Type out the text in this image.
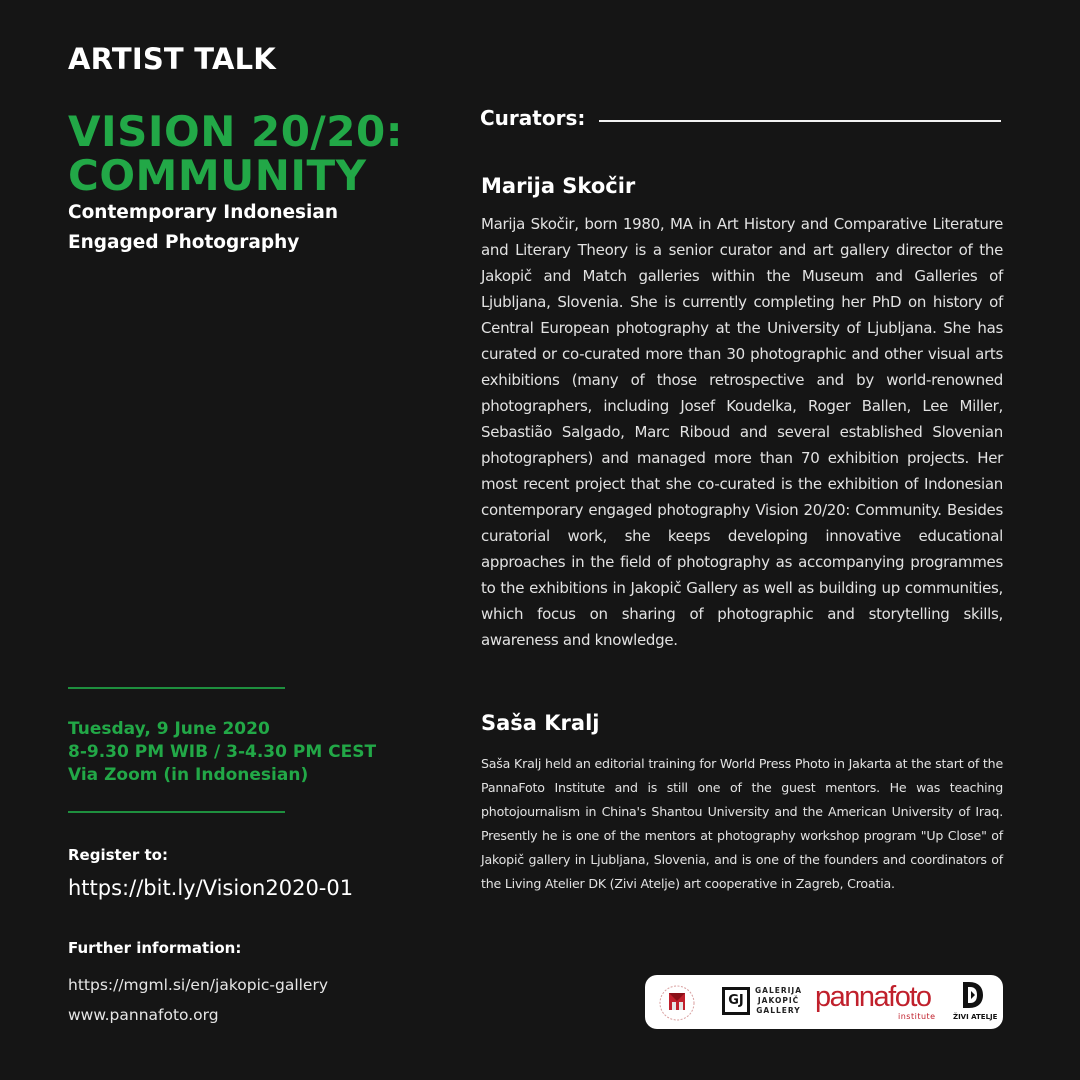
ARTIST TALK
VISION 20/20:
COMMUNITY
Contemporary Indonesian
Engaged Photography
Tuesday, 9 June 2020
8-9.30 PM WIB / 3-4.30 PM CEST
Via Zoom (in Indonesian)
Register to:
https://bit.ly/Vision2020-01
Further information:
https://mgml.si/en/jakopic-gallery
www.pannafoto.org
Curators:
Marija Skočir
Marija Skočir, born 1980, MA in Art History and Comparative Literature and Literary Theory is a senior curator and art gallery director of the Jakopič and Match galleries within the Museum and Galleries of Ljubljana, Slovenia. She is currently completing her PhD on history of Central European photography at the University of Ljubljana. She has curated or co-curated more than 30 photographic and other visual arts exhibitions (many of those retrospective and by world-renowned photographers, including Josef Koudelka, Roger Ballen, Lee Miller, Sebastião Salgado, Marc Riboud and several established Slovenian photographers) and managed more than 70 exhibition projects. Her most recent project that she co-curated is the exhibition of Indonesian contemporary engaged photography Vision 20/20: Community. Besides curatorial work, she keeps developing innovative educational approaches in the field of photography as accompanying programmes to the exhibitions in Jakopič Gallery as well as building up communities, which focus on sharing of photographic and storytelling skills, awareness and knowledge.
Saša Kralj
Saša Kralj held an editorial training for World Press Photo in Jakarta at the start of the PannaFoto Institute and is still one of the guest mentors. He was teaching photojournalism in China's Shantou University and the American University of Iraq. Presently he is one of the mentors at photography workshop program "Up Close" of Jakopič gallery in Ljubljana, Slovenia, and is one of the founders and coordinators of the Living Atelier DK (Zivi Atelje) art cooperative in Zagreb, Croatia.
GJ
GALERIJA
JAKOPIČ
GALLERY pannafoto
institute ŽIVI ATELJE
